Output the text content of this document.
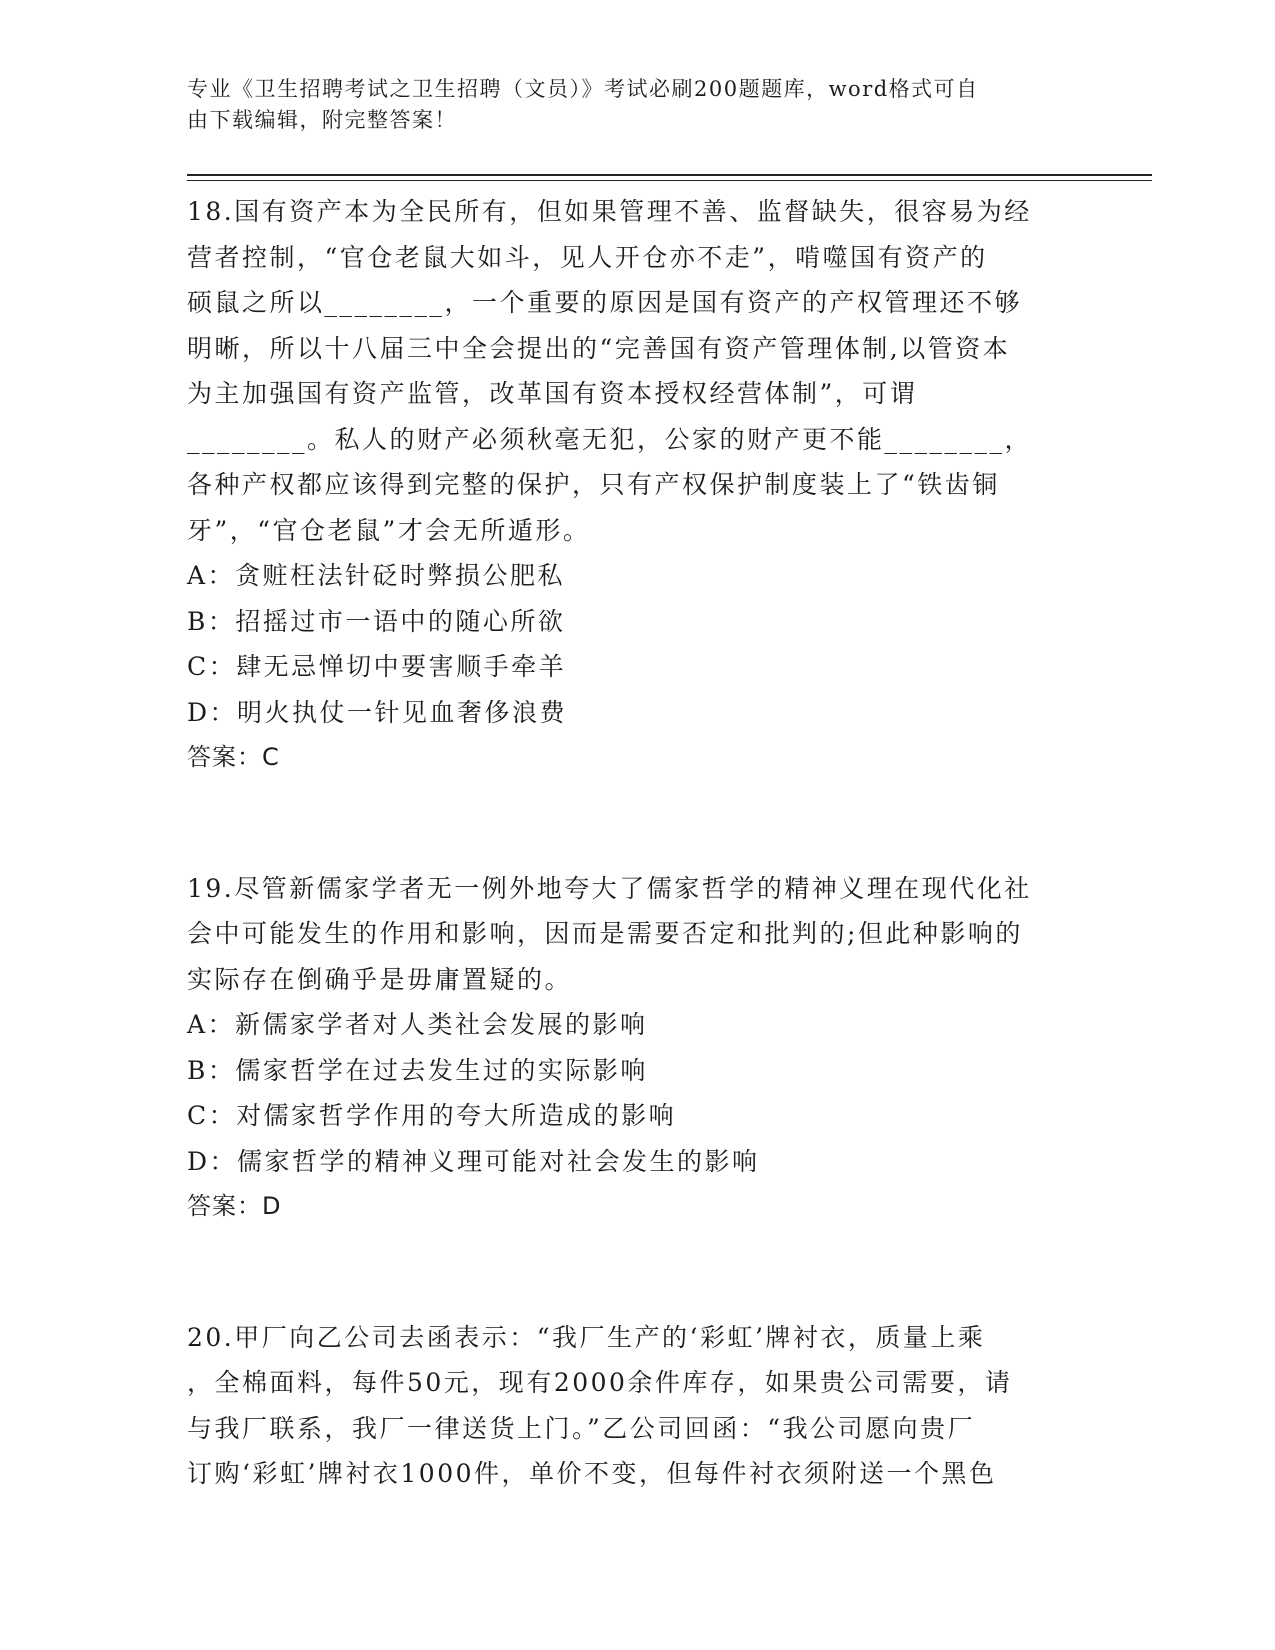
专业《卫生招聘考试之卫生招聘（文员）》考试必刷200题题库，word格式可自
由下载编辑，附完整答案！
18.国有资产本为全民所有，但如果管理不善、监督缺失，很容易为经
营者控制，“官仓老鼠大如斗，见人开仓亦不走”，啃噬国有资产的
硕鼠之所以________，一个重要的原因是国有资产的产权管理还不够
明晰，所以十八届三中全会提出的“完善国有资产管理体制,以管资本
为主加强国有资产监管，改革国有资本授权经营体制”，可谓
________。私人的财产必须秋毫无犯，公家的财产更不能________，
各种产权都应该得到完整的保护，只有产权保护制度装上了“铁齿铜
牙”，“官仓老鼠”才会无所遁形。
A：贪赃枉法针砭时弊损公肥私
B：招摇过市一语中的随心所欲
C：肆无忌惮切中要害顺手牵羊
D：明火执仗一针见血奢侈浪费
答案：C
19.尽管新儒家学者无一例外地夸大了儒家哲学的精神义理在现代化社
会中可能发生的作用和影响，因而是需要否定和批判的;但此种影响的
实际存在倒确乎是毋庸置疑的。
A：新儒家学者对人类社会发展的影响
B：儒家哲学在过去发生过的实际影响
C：对儒家哲学作用的夸大所造成的影响
D：儒家哲学的精神义理可能对社会发生的影响
答案：D
20.甲厂向乙公司去函表示：“我厂生产的‘彩虹’牌衬衣，质量上乘
，全棉面料，每件50元，现有2000余件库存，如果贵公司需要，请
与我厂联系，我厂一律送货上门。”乙公司回函：“我公司愿向贵厂
订购‘彩虹’牌衬衣1000件，单价不变，但每件衬衣须附送一个黑色
